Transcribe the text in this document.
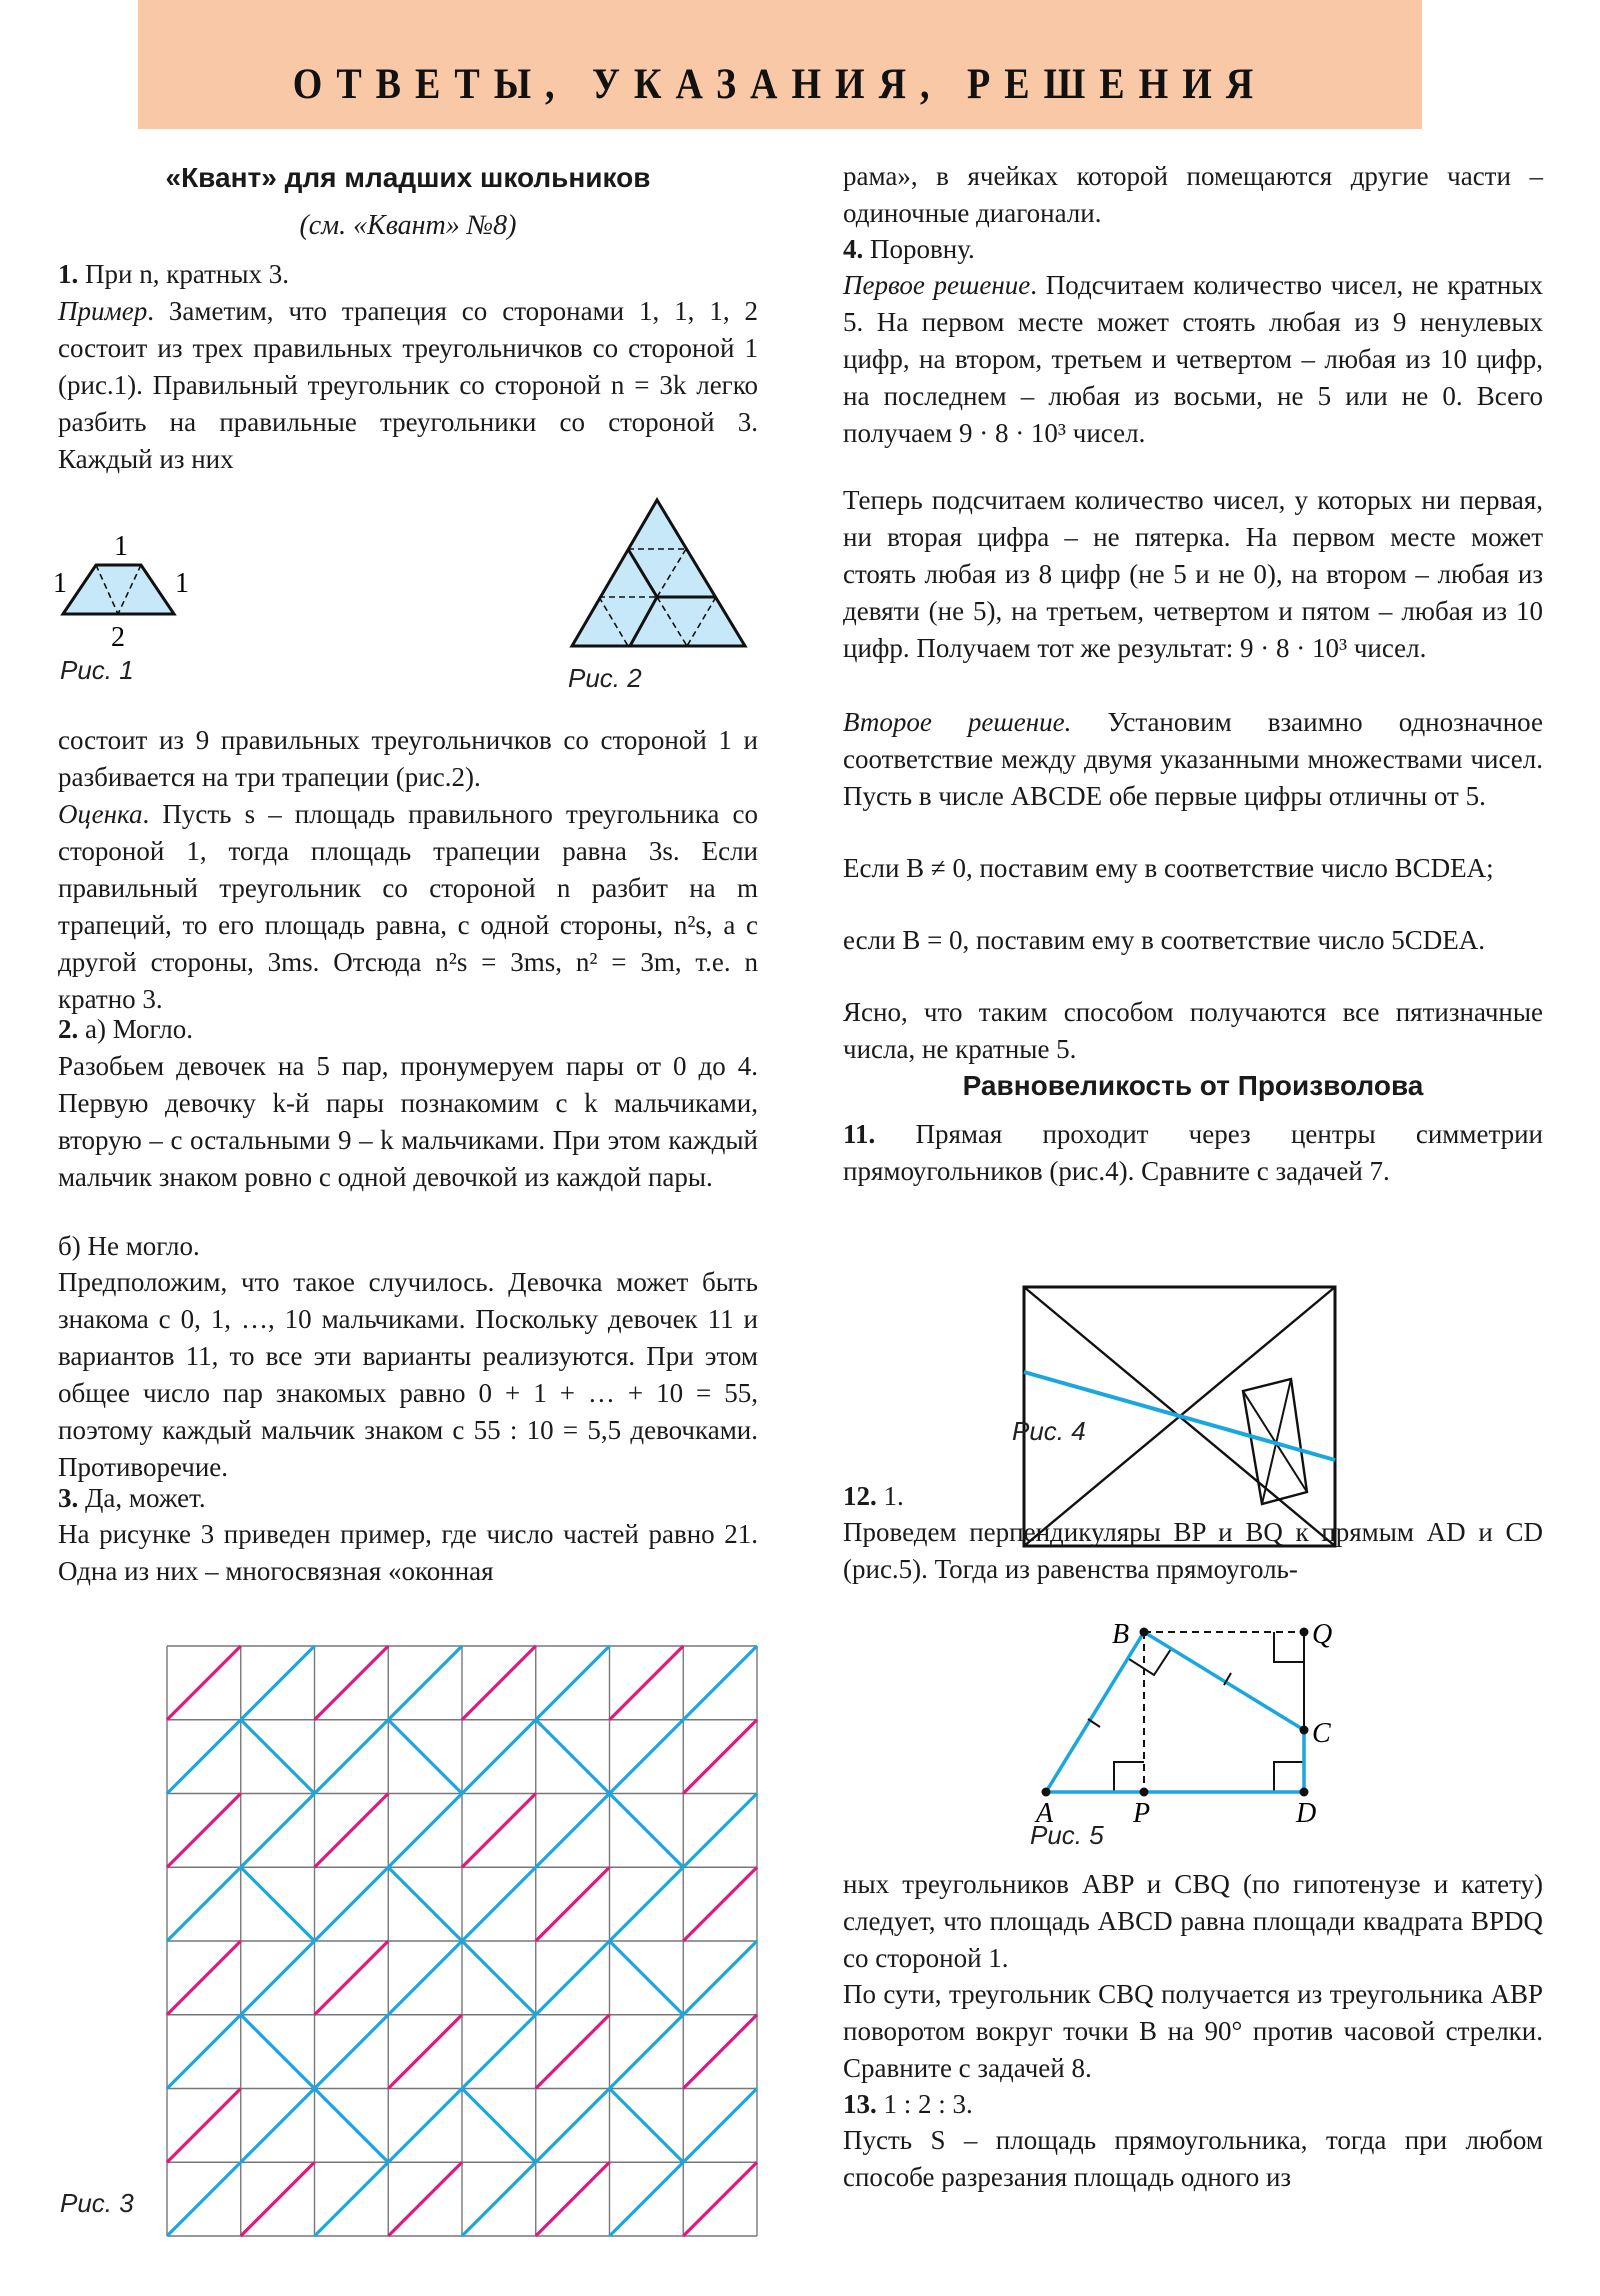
ОТВЕТЫ, УКАЗАНИЯ, РЕШЕНИЯ
«Квант» для младших школьников
(см. «Квант» №8)
1. При n, кратных 3.
Пример. Заметим, что трапеция со сторонами 1, 1, 1, 2 состоит из трех правильных треугольничков со стороной 1 (рис.1). Правильный треугольник со стороной n = 3k легко разбить на правильные треугольники со стороной 3. Каждый из них
1
1	1
2
Рис. 1	Рис. 2
состоит из 9 правильных треугольничков со стороной 1 и разбивается на три трапеции (рис.2).
Оценка. Пусть s – площадь правильного треугольника со стороной 1, тогда площадь трапеции равна 3s. Если правильный треугольник со стороной n разбит на m трапеций, то его площадь равна, с одной стороны, n²s, а с другой стороны, 3ms. Отсюда n²s = 3ms, n² = 3m, т.е. n кратно 3.
2. а) Могло.
Разобьем девочек на 5 пар, пронумеруем пары от 0 до 4. Первую девочку k-й пары познакомим с k мальчиками, вторую – с остальными 9 – k мальчиками. При этом каждый мальчик знаком ровно с одной девочкой из каждой пары.
б) Не могло.
Предположим, что такое случилось. Девочка может быть знакома с 0, 1, …, 10 мальчиками. Поскольку девочек 11 и вариантов 11, то все эти варианты реализуются. При этом общее число пар знакомых равно 0 + 1 + … + 10 = 55, поэтому каждый мальчик знаком с 55 : 10 = 5,5 девочками. Противоречие.
3. Да, может.
На рисунке 3 приведен пример, где число частей равно 21. Одна из них – многосвязная «оконная
Рис. 3
рама», в ячейках которой помещаются другие части – одиночные диагонали.
4. Поровну.
Первое решение. Подсчитаем количество чисел, не кратных 5. На первом месте может стоять любая из 9 ненулевых цифр, на втором, третьем и четвертом – любая из 10 цифр, на последнем – любая из восьми, не 5 или не 0. Всего получаем 9 · 8 · 10³ чисел.
Теперь подсчитаем количество чисел, у которых ни первая, ни вторая цифра – не пятерка. На первом месте может стоять любая из 8 цифр (не 5 и не 0), на втором – любая из девяти (не 5), на третьем, четвертом и пятом – любая из 10 цифр. Получаем тот же результат: 9 · 8 · 10³ чисел.
Второе решение. Установим взаимно однозначное соответствие между двумя указанными множествами чисел. Пусть в числе ABCDE обе первые цифры отличны от 5.
Если B ≠ 0, поставим ему в соответствие число BCDEA;
если B = 0, поставим ему в соответствие число 5CDEA.
Ясно, что таким способом получаются все пятизначные числа, не кратные 5.
Равновеликость от Произволова
11. Прямая проходит через центры симметрии прямоугольников (рис.4). Сравните с задачей 7.
Рис. 4
12. 1.
Проведем перпендикуляры BP и BQ к прямым AD и CD (рис.5). Тогда из равенства прямоуголь-
B	Q
C
A	P	D
Рис. 5
ных треугольников ABP и CBQ (по гипотенузе и катету) следует, что площадь ABCD равна площади квадрата BPDQ со стороной 1.
По сути, треугольник CBQ получается из треугольника ABP поворотом вокруг точки B на 90° против часовой стрелки. Сравните с задачей 8.
13. 1 : 2 : 3.
Пусть S – площадь прямоугольника, тогда при любом способе разрезания площадь одного из
